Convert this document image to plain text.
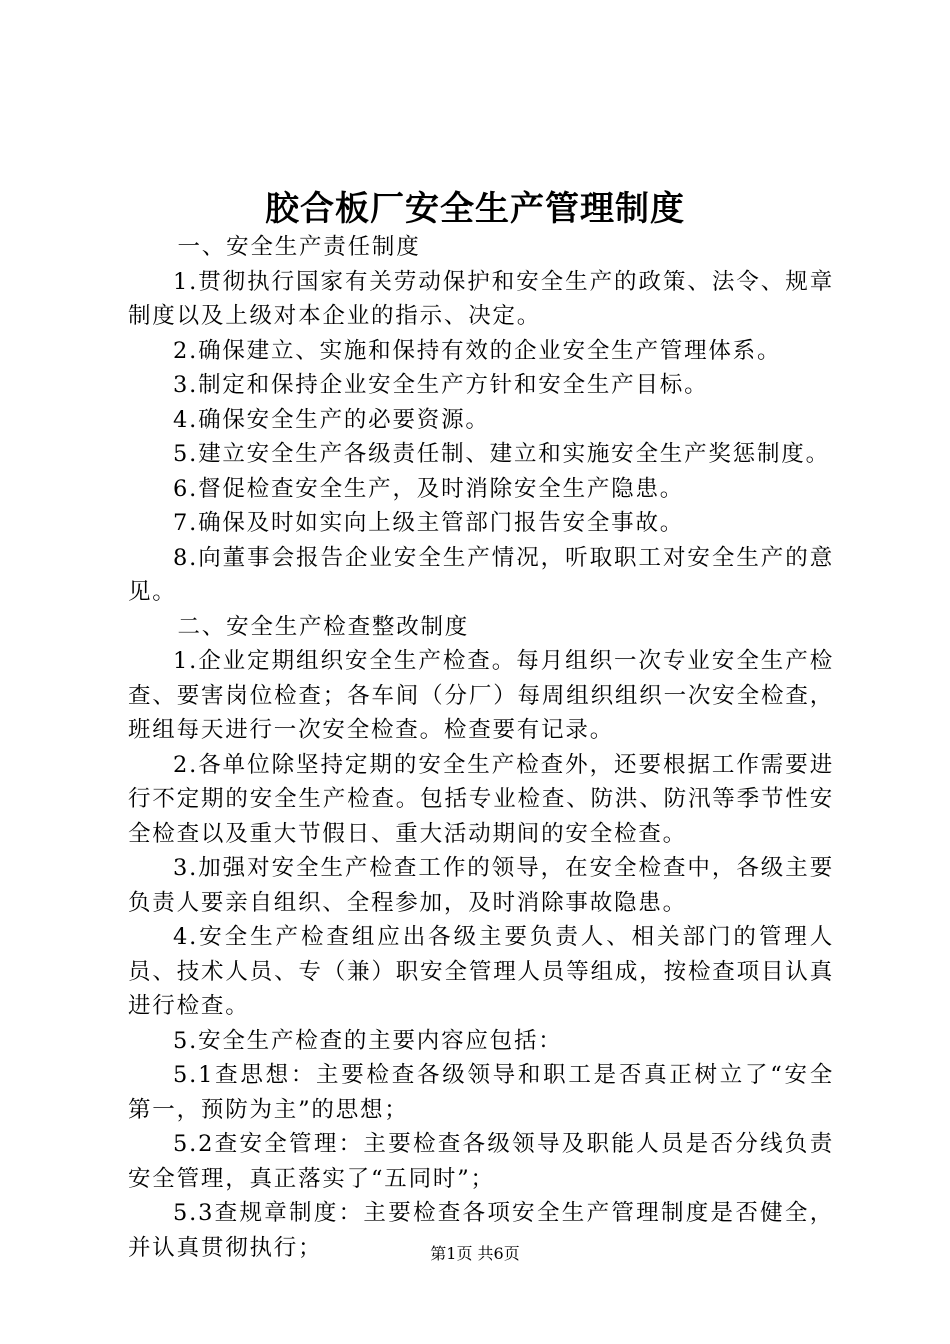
胶合板厂安全生产管理制度

一、安全生产责任制度

1.贯彻执行国家有关劳动保护和安全生产的政策、法令、规章制度以及上级对本企业的指示、决定。

2.确保建立、实施和保持有效的企业安全生产管理体系。

3.制定和保持企业安全生产方针和安全生产目标。

4.确保安全生产的必要资源。

5.建立安全生产各级责任制、建立和实施安全生产奖惩制度。

6.督促检查安全生产，及时消除安全生产隐患。

7.确保及时如实向上级主管部门报告安全事故。

8.向董事会报告企业安全生产情况，听取职工对安全生产的意见。

二、安全生产检查整改制度

1.企业定期组织安全生产检查。每月组织一次专业安全生产检查、要害岗位检查；各车间（分厂）每周组织组织一次安全检查，班组每天进行一次安全检查。检查要有记录。

2.各单位除坚持定期的安全生产检查外，还要根据工作需要进行不定期的安全生产检查。包括专业检查、防洪、防汛等季节性安全检查以及重大节假日、重大活动期间的安全检查。

3.加强对安全生产检查工作的领导，在安全检查中，各级主要负责人要亲自组织、全程参加，及时消除事故隐患。

4.安全生产检查组应出各级主要负责人、相关部门的管理人员、技术人员、专（兼）职安全管理人员等组成，按检查项目认真进行检查。

5.安全生产检查的主要内容应包括：

5.1查思想：主要检查各级领导和职工是否真正树立了“安全第一，预防为主”的思想；

5.2查安全管理：主要检查各级领导及职能人员是否分线负责安全管理，真正落实了“五同时”；

5.3查规章制度：主要检查各项安全生产管理制度是否健全，并认真贯彻执行；	第1页 共6页
